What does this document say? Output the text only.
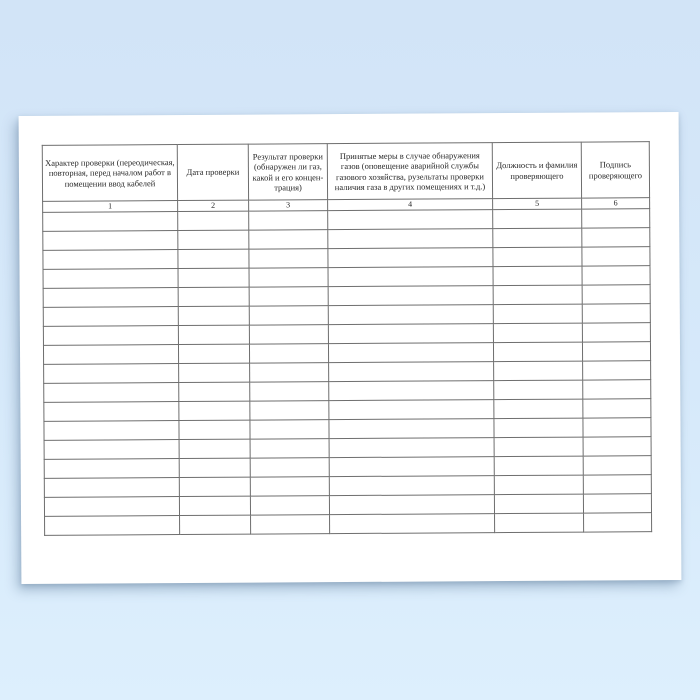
Характер проверки (переодическая, повторная, перед началом работ в помещении ввод кабелей	Дата проверки	Результат проверки (обнаружен ли газ, какой и его концен-трация)	Принятые меры в случае обнаружения газов (оповещение аварийной службы газового хозяйства, рузельтаты проверки наличия газа в других помещениях и т.д.)	Должность и фамилия проверяющего	Подпись проверяющего
1	2	3	4	5	6
